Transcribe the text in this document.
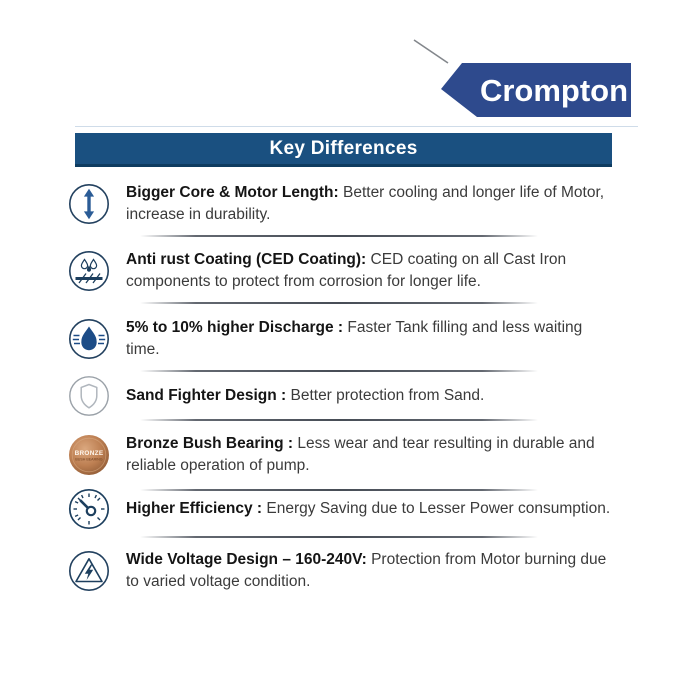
Crompton
Key Differences

Bigger Core & Motor Length: Better cooling and longer life of Motor, increase in durability.

Anti rust Coating (CED Coating): CED coating on all Cast Iron components to protect from corrosion for longer life.

5% to 10% higher Discharge : Faster Tank filling and less waiting time.

Sand Fighter Design : Better protection from Sand.

BRONZE
BUSH BEARING

Bronze Bush Bearing : Less wear and tear resulting in durable and reliable operation of pump.

Higher Efficiency : Energy Saving due to Lesser Power consumption.

Wide Voltage Design – 160-240V: Protection from Motor burning due to varied voltage condition.
